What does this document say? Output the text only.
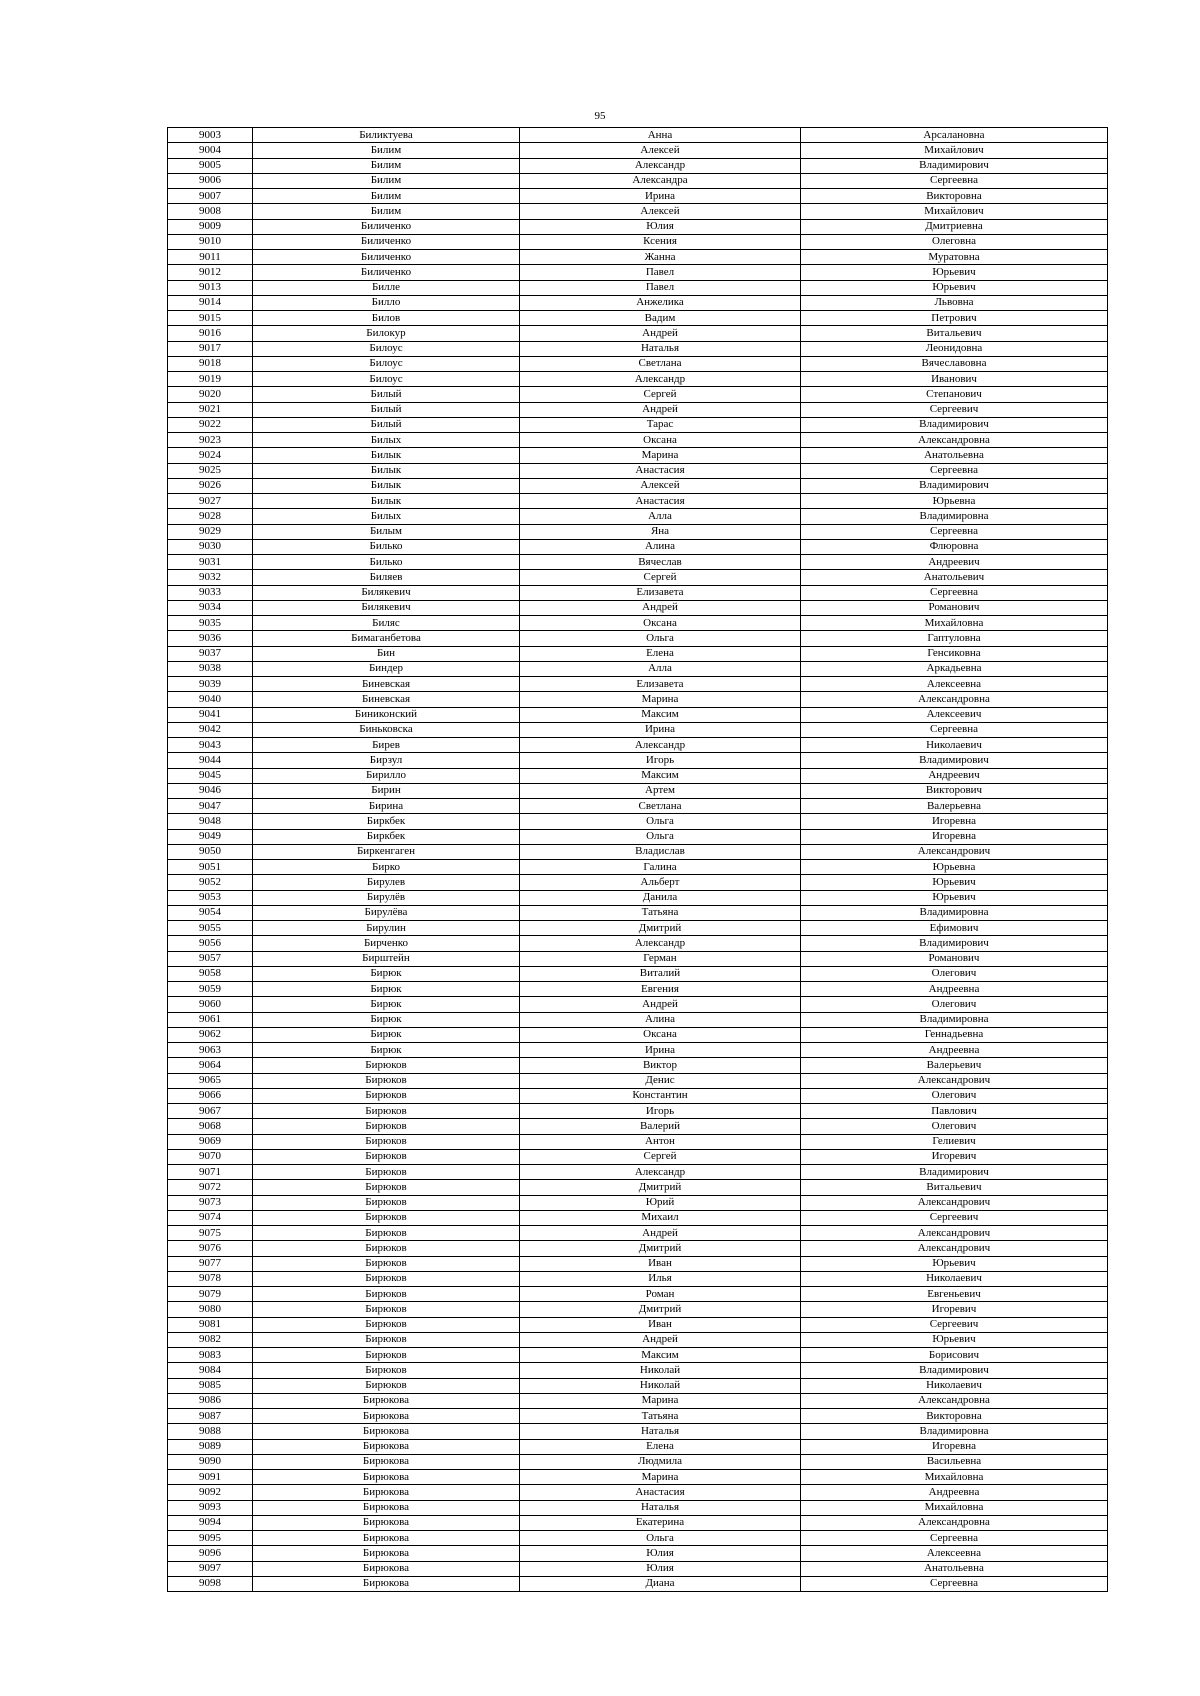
95
9003	Биликтуева	Анна	Арсалановна
9004	Билим	Алексей	Михайлович
9005	Билим	Александр	Владимирович
9006	Билим	Александра	Сергеевна
9007	Билим	Ирина	Викторовна
9008	Билим	Алексей	Михайлович
9009	Биличенко	Юлия	Дмитриевна
9010	Биличенко	Ксения	Олеговна
9011	Биличенко	Жанна	Муратовна
9012	Биличенко	Павел	Юрьевич
9013	Билле	Павел	Юрьевич
9014	Билло	Анжелика	Львовна
9015	Билов	Вадим	Петрович
9016	Билокур	Андрей	Витальевич
9017	Билоус	Наталья	Леонидовна
9018	Билоус	Светлана	Вячеславовна
9019	Билоус	Александр	Иванович
9020	Билый	Сергей	Степанович
9021	Билый	Андрей	Сергеевич
9022	Билый	Тарас	Владимирович
9023	Билых	Оксана	Александровна
9024	Билык	Марина	Анатольевна
9025	Билык	Анастасия	Сергеевна
9026	Билык	Алексей	Владимирович
9027	Билык	Анастасия	Юрьевна
9028	Билых	Алла	Владимировна
9029	Билым	Яна	Сергеевна
9030	Билько	Алина	Флюровна
9031	Билько	Вячеслав	Андреевич
9032	Биляев	Сергей	Анатольевич
9033	Билякевич	Елизавета	Сергеевна
9034	Билякевич	Андрей	Романович
9035	Биляс	Оксана	Михайловна
9036	Бимаганбетова	Ольга	Гаптуловна
9037	Бин	Елена	Генсиковна
9038	Биндер	Алла	Аркадьевна
9039	Биневская	Елизавета	Алексеевна
9040	Биневская	Марина	Александровна
9041	Биниконский	Максим	Алексеевич
9042	Биньковска	Ирина	Сергеевна
9043	Бирев	Александр	Николаевич
9044	Бирзул	Игорь	Владимирович
9045	Бирилло	Максим	Андреевич
9046	Бирин	Артем	Викторович
9047	Бирина	Светлана	Валерьевна
9048	Биркбек	Ольга	Игоревна
9049	Биркбек	Ольга	Игоревна
9050	Биркенгаген	Владислав	Александрович
9051	Бирко	Галина	Юрьевна
9052	Бирулев	Альберт	Юрьевич
9053	Бирулёв	Данила	Юрьевич
9054	Бирулёва	Татьяна	Владимировна
9055	Бирулин	Дмитрий	Ефимович
9056	Бирченко	Александр	Владимирович
9057	Бирштейн	Герман	Романович
9058	Бирюк	Виталий	Олегович
9059	Бирюк	Евгения	Андреевна
9060	Бирюк	Андрей	Олегович
9061	Бирюк	Алина	Владимировна
9062	Бирюк	Оксана	Геннадьевна
9063	Бирюк	Ирина	Андреевна
9064	Бирюков	Виктор	Валерьевич
9065	Бирюков	Денис	Александрович
9066	Бирюков	Константин	Олегович
9067	Бирюков	Игорь	Павлович
9068	Бирюков	Валерий	Олегович
9069	Бирюков	Антон	Гелиевич
9070	Бирюков	Сергей	Игоревич
9071	Бирюков	Александр	Владимирович
9072	Бирюков	Дмитрий	Витальевич
9073	Бирюков	Юрий	Александрович
9074	Бирюков	Михаил	Сергеевич
9075	Бирюков	Андрей	Александрович
9076	Бирюков	Дмитрий	Александрович
9077	Бирюков	Иван	Юрьевич
9078	Бирюков	Илья	Николаевич
9079	Бирюков	Роман	Евгеньевич
9080	Бирюков	Дмитрий	Игоревич
9081	Бирюков	Иван	Сергеевич
9082	Бирюков	Андрей	Юрьевич
9083	Бирюков	Максим	Борисович
9084	Бирюков	Николай	Владимирович
9085	Бирюков	Николай	Николаевич
9086	Бирюкова	Марина	Александровна
9087	Бирюкова	Татьяна	Викторовна
9088	Бирюкова	Наталья	Владимировна
9089	Бирюкова	Елена	Игоревна
9090	Бирюкова	Людмила	Васильевна
9091	Бирюкова	Марина	Михайловна
9092	Бирюкова	Анастасия	Андреевна
9093	Бирюкова	Наталья	Михайловна
9094	Бирюкова	Екатерина	Александровна
9095	Бирюкова	Ольга	Сергеевна
9096	Бирюкова	Юлия	Алексеевна
9097	Бирюкова	Юлия	Анатольевна
9098	Бирюкова	Диана	Сергеевна
